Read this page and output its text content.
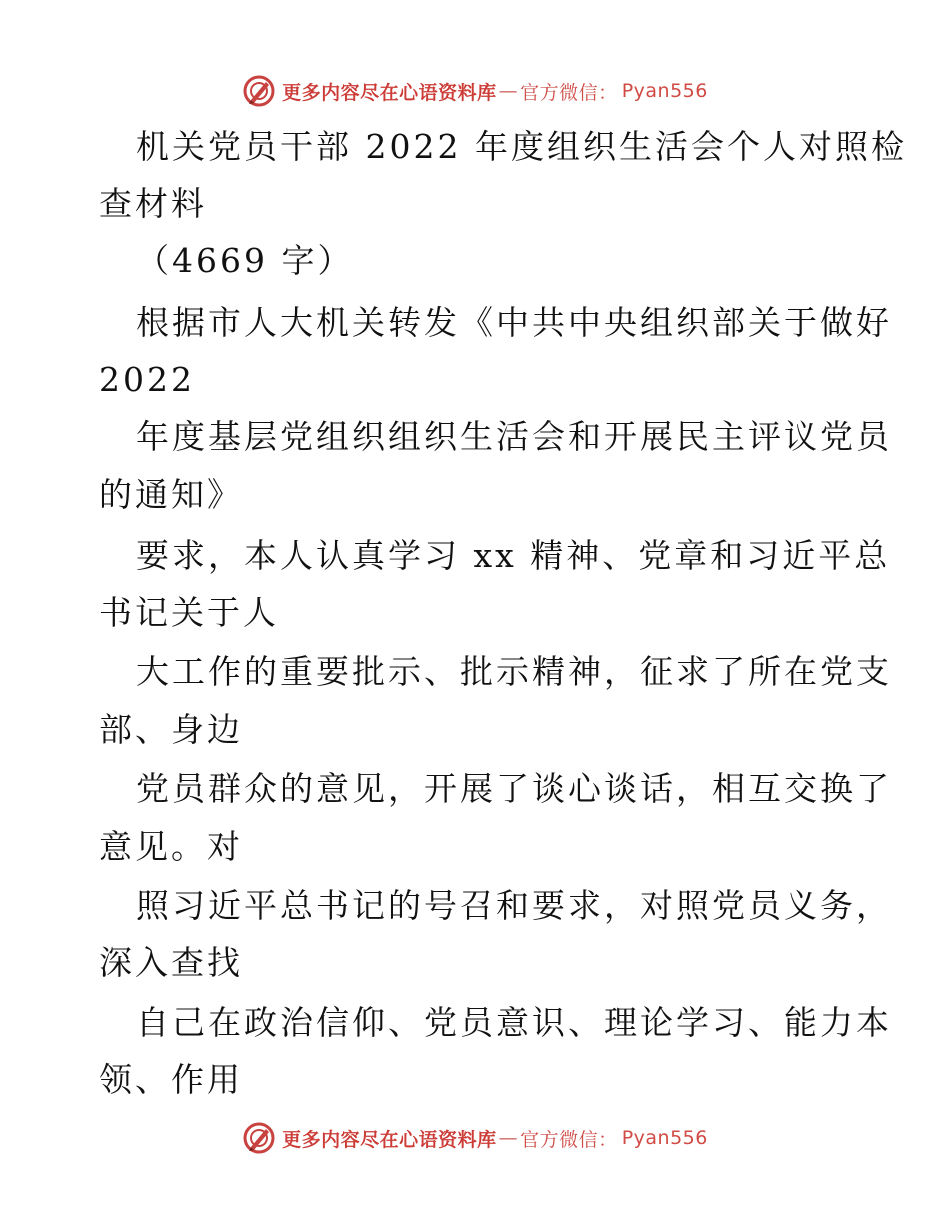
更多内容尽在心语资料库 — 官方微信： Pyan556
机关党员干部 2022 年度组织生活会个人对照检
查材料
（4669 字）
根据市人大机关转发《中共中央组织部关于做好
2022
年度基层党组织组织生活会和开展民主评议党员
的通知》
要求，本人认真学习 xx 精神、党章和习近平总
书记关于人
大工作的重要批示、批示精神，征求了所在党支
部、身边
党员群众的意见，开展了谈心谈话，相互交换了
意见。对
照习近平总书记的号召和要求，对照党员义务，
深入查找
自己在政治信仰、党员意识、理论学习、能力本
领、作用
更多内容尽在心语资料库 — 官方微信： Pyan556
